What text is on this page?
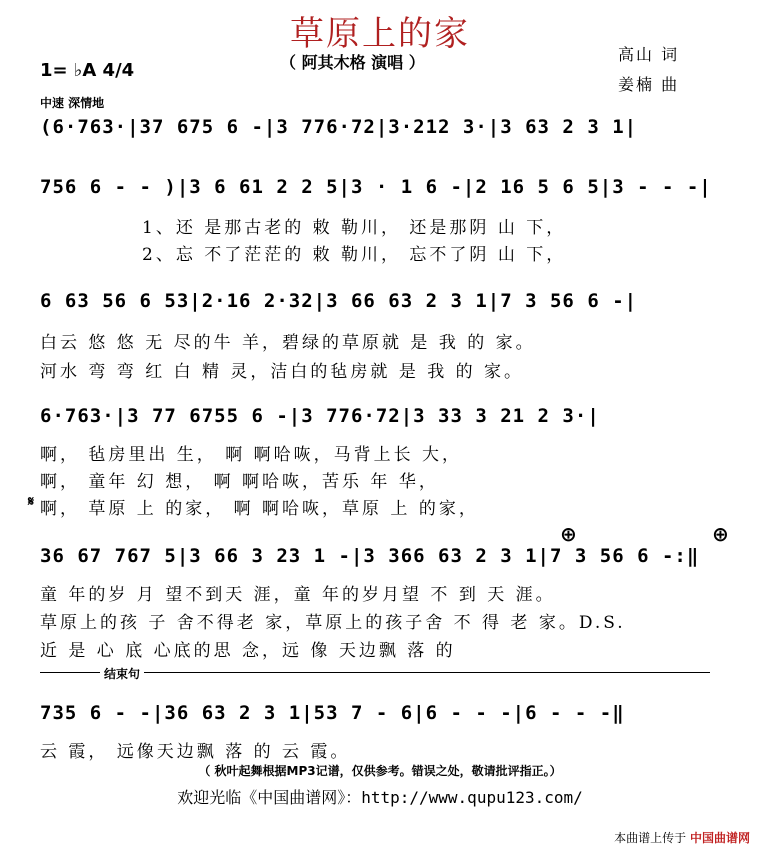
草原上的家
（ 阿其木格 演唱 ）	高山 词
姜楠 曲
1= ♭A 4/4
中速 深情地
(6·763·|37 675 6 -|3 776·72|3·212 3·|3 63 2 3 1|
756 6 - - )|3 6 61 2 2 5|3 · 1 6 -|2 16 5 6 5|3 - - -|
1、还 是那古老的 敕 勒川， 还是那阴 山 下，
2、忘 不了茫茫的 敕 勒川， 忘不了阴 山 下，
6 63 56 6 53|2·16 2·32|3 66 63 2 3 1|7 3 56 6 -|
白云 悠 悠 无 尽的牛 羊，碧绿的草原就 是 我 的 家。
河水 弯 弯 红 白 精 灵，洁白的毡房就 是 我 的 家。
6·763·|3 77 6755 6 -|3 776·72|3 33 3 21 2 3·|
啊， 毡房里出 生， 啊 啊哈咴，马背上长 大，
啊， 童年 幻 想， 啊 啊哈咴，苦乐 年 华，
𝄋 啊， 草原 上 的家， 啊 啊哈咴，草原 上 的家，
⊕	⊕
36 67 767 5|3 66 3 23 1 -|3 366 63 2 3 1|7 3 56 6 -:‖
童 年的岁 月 望不到天 涯，童 年的岁月望 不 到 天 涯。
草原上的孩 子 舍不得老 家，草原上的孩子舍 不 得 老 家。D.S.
近 是 心 底 心底的思 念，远 像 天边飘 落 的
结束句
735 6 - -|36 63 2 3 1|53 7 - 6|6 - - -|6 - - -‖
云 霞， 远像天边飘 落 的 云 霞。
（ 秋叶起舞根据MP3记谱，仅供参考。错误之处，敬请批评指正。）
欢迎光临《中国曲谱网》：http://www.qupu123.com/
本曲谱上传于 中国曲谱网
